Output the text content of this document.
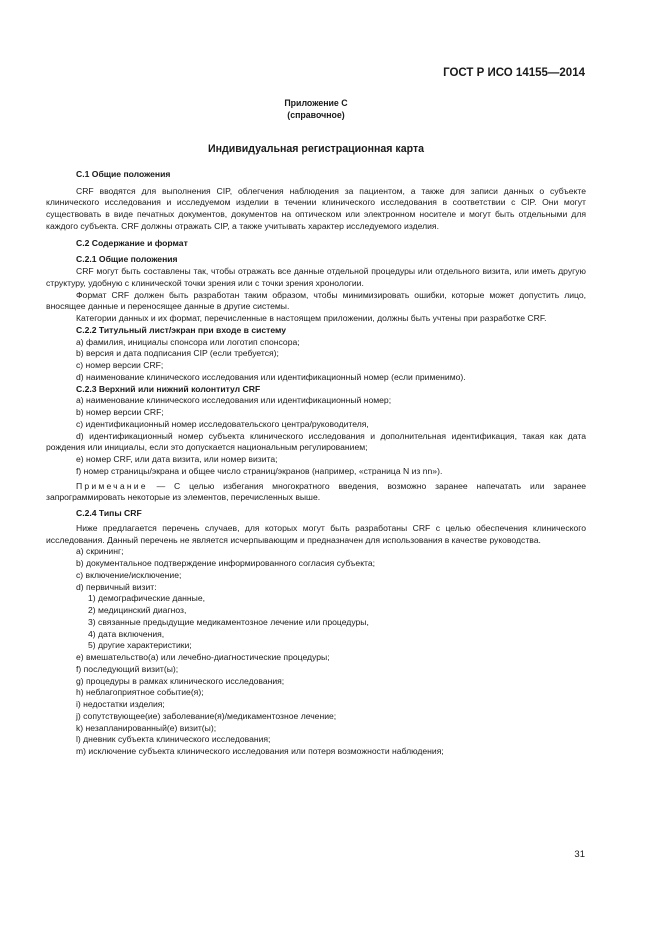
ГОСТ Р ИСО 14155—2014
Приложение С
(справочное)
Индивидуальная регистрационная карта
С.1 Общие положения

CRF вводятся для выполнения CIP, облегчения наблюдения за пациентом, а также для записи данных о субъекте клинического исследования и исследуемом изделии в течении клинического исследования в соответствии с CIP. Они могут существовать в виде печатных документов, документов на оптическом или электронном носителе и могут быть отдельными для каждого субъекта. CRF должны отражать CIP, а также учитывать характер исследуемого изделия.

С.2 Содержание и формат
С.2.1 Общие положения

CRF могут быть составлены так, чтобы отражать все данные отдельной процедуры или отдельного визита, или иметь другую структуру, удобную с клинической точки зрения или с точки зрения хронологии.

Формат CRF должен быть разработан таким образом, чтобы минимизировать ошибки, которые может допустить лицо, вносящее данные и переносящее данные в другие системы.

Категории данных и их формат, перечисленные в настоящем приложении, должны быть учтены при разработке CRF.

С.2.2 Титульный лист/экран при входе в систему

a) фамилия, инициалы спонсора или логотип спонсора;

b) версия и дата подписания CIP (если требуется);

c) номер версии CRF;

d) наименование клинического исследования или идентификационный номер (если применимо).

С.2.3 Верхний или нижний колонтитул CRF

a) наименование клинического исследования или идентификационный номер;

b) номер версии CRF;

c) идентификационный номер исследовательского центра/руководителя,

d) идентификационный номер субъекта клинического исследования и дополнительная идентификация, такая как дата рождения или инициалы, если это допускается национальным регулированием;

e) номер CRF, или дата визита, или номер визита;

f) номер страницы/экрана и общее число страниц/экранов (например, «страница N из nn»).

Примечание — С целью избегания многократного введения, возможно заранее напечатать или заранее запрограммировать некоторые из элементов, перечисленных выше.

С.2.4 Типы CRF

Ниже предлагается перечень случаев, для которых могут быть разработаны CRF с целью обеспечения клинического исследования. Данный перечень не является исчерпывающим и предназначен для использования в качестве руководства.

a) скрининг;

b) документальное подтверждение информированного согласия субъекта;

c) включение/исключение;

d) первичный визит:

1) демографические данные,

2) медицинский диагноз,

3) связанные предыдущие медикаментозное лечение или процедуры,

4) дата включения,

5) другие характеристики;

e) вмешательство(а) или лечебно-диагностические процедуры;

f) последующий визит(ы);

g) процедуры в рамках клинического исследования;

h) неблагоприятное событие(я);

i) недостатки изделия;

j) сопутствующее(ие) заболевание(я)/медикаментозное лечение;

k) незапланированный(е) визит(ы);

l) дневник субъекта клинического исследования;

m) исключение субъекта клинического исследования или потеря возможности наблюдения;

31
